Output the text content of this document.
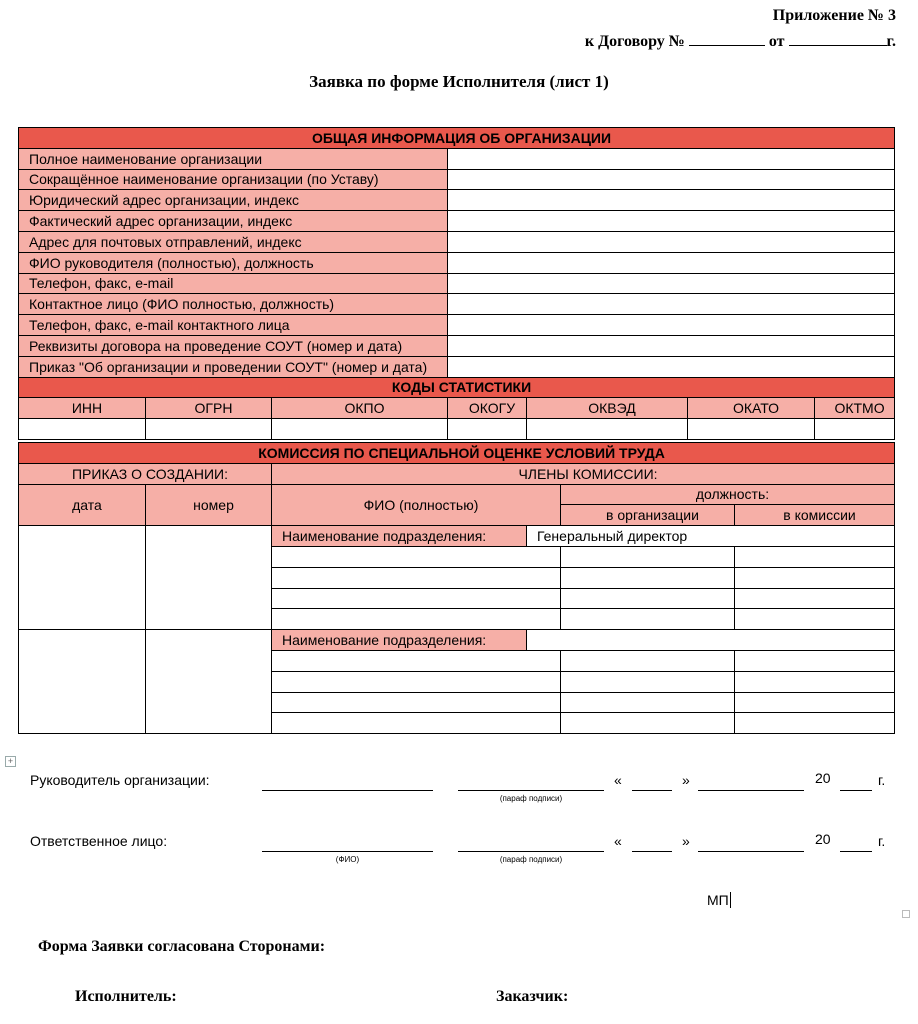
Приложение № 3
к Договору №	от	г.
Заявка по форме Исполнителя (лист 1)
ОБЩАЯ ИНФОРМАЦИЯ ОБ ОРГАНИЗАЦИИ								
Полное наименование организации								
Сокращённое наименование организации (по Уставу)								
Юридический адрес организации, индекс								
Фактический адрес организации, индекс								
Адрес для почтовых отправлений, индекс								
ФИО руководителя (полностью), должность								
Телефон, факс, e-mail								
Контактное лицо (ФИО полностью, должность)								
Телефон, факс, e-mail контактного лица								
Реквизиты договора на проведение СОУТ (номер и дата)								
Приказ "Об организации и проведении СОУТ" (номер и дата)								
КОДЫ СТАТИСТИКИ								
ИНН	ОГРН	ОКПО	ОКОГУ	ОКВЭД		ОКАТО		ОКТМО

КОМИССИЯ ПО СПЕЦИАЛЬНОЙ ОЦЕНКЕ УСЛОВИЙ ТРУДА								
ПРИКАЗ О СОЗДАНИИ:		ЧЛЕНЫ КОМИССИИ:						
дата	номер	ФИО (полностью)			должность:			
					в организации		в комиссии	
		Наименование подразделения:		Генеральный директор				

		Наименование подразделения:						

+
Руководитель организации:
(параф подписи)
«	»	20	г.
Ответственное лицо:
(ФИО)	(параф подписи)
«	»	20	г.
МП
Форма Заявки согласована Сторонами:
Исполнитель:	Заказчик:
